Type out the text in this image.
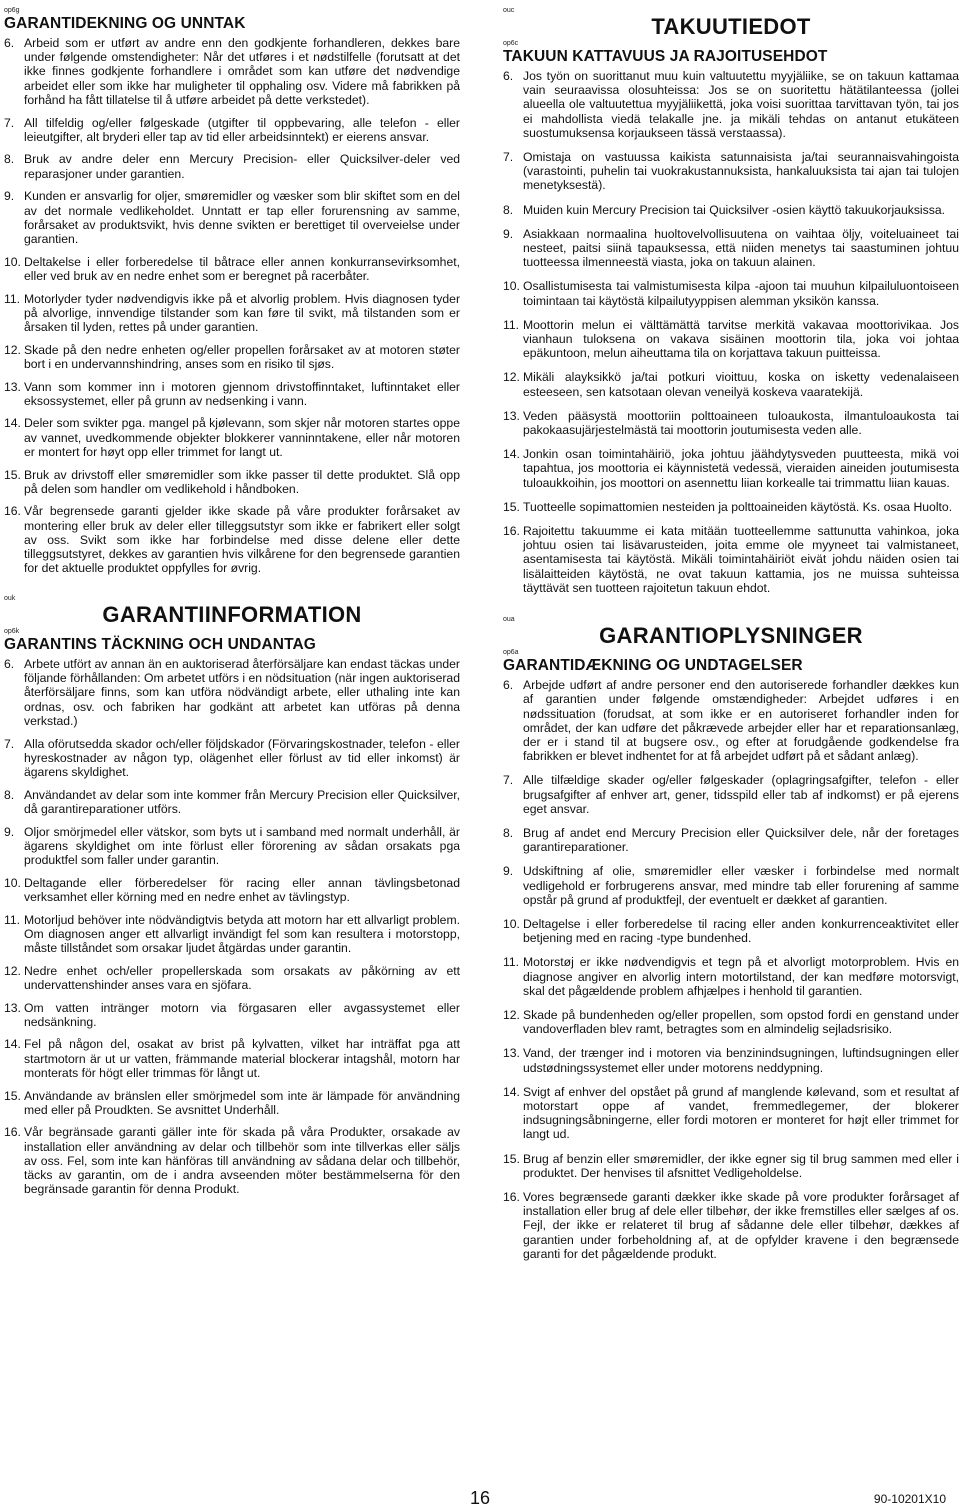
op6g
GARANTIDEKNING OG UNNTAK
6. Arbeid som er utført av andre enn den godkjente forhandleren, dekkes bare under følgende omstendigheter: Når det utføres i et nødstilfelle (forutsatt at det ikke finnes godkjente forhandlere i området som kan utføre det nødvendige arbeidet eller som ikke har muligheter til opphaling osv. Videre må fabrikken på forhånd ha fått tillatelse til å utføre arbeidet på dette verkstedet).
7. All tilfeldig og/eller følgeskade (utgifter til oppbevaring, alle telefon - eller leieutgifter, alt bryderi eller tap av tid eller arbeidsinntekt) er eierens ansvar.
8. Bruk av andre deler enn Mercury Precision- eller Quicksilver-deler ved reparasjoner under garantien.
9. Kunden er ansvarlig for oljer, smøremidler og væsker som blir skiftet som en del av det normale vedlikeholdet. Unntatt er tap eller forurensning av samme, forårsaket av produktsvikt, hvis denne svikten er berettiget til overveielse under garantien.
10. Deltakelse i eller forberedelse til båtrace eller annen konkurransevirksomhet, eller ved bruk av en nedre enhet som er beregnet på racerbåter.
11. Motorlyder tyder nødvendigvis ikke på et alvorlig problem. Hvis diagnosen tyder på alvorlige, innvendige tilstander som kan føre til svikt, må tilstanden som er årsaken til lyden, rettes på under garantien.
12. Skade på den nedre enheten og/eller propellen forårsaket av at motoren støter bort i en undervannshindring, anses som en risiko til sjøs.
13. Vann som kommer inn i motoren gjennom drivstoffinntaket, luftinntaket eller eksossystemet, eller på grunn av nedsenking i vann.
14. Deler som svikter pga. mangel på kjølevann, som skjer når motoren startes oppe av vannet, uvedkommende objekter blokkerer vanninntakene, eller når motoren er montert for høyt opp eller trimmet for langt ut.
15. Bruk av drivstoff eller smøremidler som ikke passer til dette produktet. Slå opp på delen som handler om vedlikehold i håndboken.
16. Vår begrensede garanti gjelder ikke skade på våre produkter forårsaket av montering eller bruk av deler eller tilleggsutstyr som ikke er fabrikert eller solgt av oss. Svikt som ikke har forbindelse med disse delene eller dette tilleggsutstyret, dekkes av garantien hvis vilkårene for den begrensede garantien for det aktuelle produktet oppfylles for øvrig.
ouk
GARANTIINFORMATION
op6k
GARANTINS TÄCKNING OCH UNDANTAG
6. Arbete utfört av annan än en auktoriserad återförsäljare kan endast täckas under följande förhållanden: Om arbetet utförs i en nödsituation (när ingen auktoriserad återförsäljare finns, som kan utföra nödvändigt arbete, eller uthaling inte kan ordnas, osv. och fabriken har godkänt att arbetet kan utföras på denna verkstad.)
7. Alla oförutsedda skador och/eller följdskador (Förvaringskostnader, telefon - eller hyreskostnader av någon typ, olägenhet eller förlust av tid eller inkomst) är ägarens skyldighet.
8. Användandet av delar som inte kommer från Mercury Precision eller Quicksilver, då garantireparationer utförs.
9. Oljor smörjmedel eller vätskor, som byts ut i samband med normalt underhåll, är ägarens skyldighet om inte förlust eller förorening av sådan orsakats pga produktfel som faller under garantin.
10. Deltagande eller förberedelser för racing eller annan tävlingsbetonad verksamhet eller körning med en nedre enhet av tävlingstyp.
11. Motorljud behöver inte nödvändigtvis betyda att motorn har ett allvarligt problem. Om diagnosen anger ett allvarligt invändigt fel som kan resultera i motorstopp, måste tillståndet som orsakar ljudet åtgärdas under garantin.
12. Nedre enhet och/eller propellerskada som orsakats av påkörning av ett undervattenshinder anses vara en sjöfara.
13. Om vatten intränger motorn via förgasaren eller avgassystemet eller nedsänkning.
14. Fel på någon del, osakat av brist på kylvatten, vilket har inträffat pga att startmotorn är ut ur vatten, främmande material blockerar intagshål, motorn har monterats för högt eller trimmas för långt ut.
15. Användande av bränslen eller smörjmedel som inte är lämpade för användning med eller på Proudkten. Se avsnittet Underhåll.
16. Vår begränsade garanti gäller inte för skada på våra Produkter, orsakade av installation eller användning av delar och tillbehör som inte tillverkas eller säljs av oss. Fel, som inte kan hänföras till användning av sådana delar och tillbehör, täcks av garantin, om de i andra avseenden möter bestämmelserna för den begränsade garantin för denna Produkt.
ouc
TAKUUTIEDOT
op6c
TAKUUN KATTAVUUS JA RAJOITUSEHDOT
6. Jos työn on suorittanut muu kuin valtuutettu myyjäliike, se on takuun kattamaa vain seuraavissa olosuhteissa: Jos se on suoritettu hätätilanteessa (jollei alueella ole valtuutettua myyjäliikettä, joka voisi suorittaa tarvittavan työn, tai jos ei mahdollista viedä telakalle jne. ja mikäli tehdas on antanut etukäteen suostumuksensa korjaukseen tässä verstaassa).
7. Omistaja on vastuussa kaikista satunnaisista ja/tai seurannaisvahingoista (varastointi, puhelin tai vuokrakustannuksista, hankaluuksista tai ajan tai tulojen menetyksestä).
8. Muiden kuin Mercury Precision tai Quicksilver -osien käyttö takuukorjauksissa.
9. Asiakkaan normaalina huoltovelvollisuutena on vaihtaa öljy, voiteluaineet tai nesteet, paitsi siinä tapauksessa, että niiden menetys tai saastuminen johtuu tuotteessa ilmenneestä viasta, joka on takuun alainen.
10. Osallistumisesta tai valmistumisesta kilpa -ajoon tai muuhun kilpailuluontoiseen toimintaan tai käytöstä kilpailutyyppisen alemman yksikön kanssa.
11. Moottorin melun ei välttämättä tarvitse merkitä vakavaa moottorivikaa. Jos vianhaun tuloksena on vakava sisäinen moottorin tila, joka voi johtaa epäkuntoon, melun aiheuttama tila on korjattava takuun puitteissa.
12. Mikäli alayksikkö ja/tai potkuri vioittuu, koska on isketty vedenalaiseen esteeseen, sen katsotaan olevan veneilyä koskevа vaaratekijä.
13. Veden pääsystä moottoriin polttoaineen tuloaukosta, ilmantuloaukosta tai pakokaasujärjestelmästä tai moottorin joutumisesta veden alle.
14. Jonkin osan toimintahäiriö, joka johtuu jäähdytysveden puutteesta, mikä voi tapahtua, jos moottoria ei käynnistetä vedessä, vieraiden aineiden joutumisesta tuloaukkoihin, jos moottori on asennettu liian korkealle tai trimmattu liian kauas.
15. Tuotteelle sopimattomien nesteiden ja polttoaineiden käytöstä. Ks. osaa Huolto.
16. Rajoitettu takuumme ei kata mitään tuotteellemme sattunutta vahinkoa, joka johtuu osien tai lisävarusteiden, joita emme ole myyneet tai valmistaneet, asentamisesta tai käytöstä. Mikäli toimintahäiriöt eivät johdu näiden osien tai lisälaitteiden käytöstä, ne ovat takuun kattamia, jos ne muissa suhteissa täyttävät sen tuotteen rajoitetun takuun ehdot.
oua
GARANTIOPLYSNINGER
op6a
GARANTIDÆKNING OG UNDTAGELSER
6. Arbejde udført af andre personer end den autoriserede forhandler dækkes kun af garantien under følgende omstændigheder: Arbejdet udføres i en nødssituation (forudsat, at som ikke er en autoriseret forhandler inden for området, der kan udføre det påkrævede arbejder eller har et reparationsanlæg, der er i stand til at bugsere osv., og efter at forudgående godkendelse fra fabrikken er blevet indhentet for at få arbejdet udført på et sådant anlæg).
7. Alle tilfældige skader og/eller følgeskader (oplagringsafgifter, telefon - eller brugsafgifter af enhver art, gener, tidsspild eller tab af indkomst) er på ejerens eget ansvar.
8. Brug af andet end Mercury Precision eller Quicksilver dele, når der foretages garantireparationer.
9. Udskiftning af olie, smøremidler eller væsker i forbindelse med normalt vedligehold er forbrugerens ansvar, med mindre tab eller forurening af samme opstår på grund af produktfejl, der eventuelt er dækket af garantien.
10. Deltagelse i eller forberedelse til racing eller anden konkurrenceaktivitet eller betjening med en racing -type bundenhed.
11. Motorstøj er ikke nødvendigvis et tegn på et alvorligt motorproblem. Hvis en diagnose angiver en alvorlig intern motortilstand, der kan medføre motorsvigt, skal det pågældende problem afhjælpes i henhold til garantien.
12. Skade på bundenheden og/eller propellen, som opstod fordi en genstand under vandoverfladen blev ramt, betragtes som en almindelig sejladsrisiko.
13. Vand, der trænger ind i motoren via benzinindsugningen, luftindsugningen eller udstødningssystemet eller under motorens neddypning.
14. Svigt af enhver del opstået på grund af manglende kølevand, som et resultat af motorstart oppe af vandet, fremmedlegemer, der blokerer indsugningsåbningerne, eller fordi motoren er monteret for højt eller trimmet for langt ud.
15. Brug af benzin eller smøremidler, der ikke egner sig til brug sammen med eller i produktet. Der henvises til afsnittet Vedligeholdelse.
16. Vores begrænsede garanti dækker ikke skade på vore produkter forårsaget af installation eller brug af dele eller tilbehør, der ikke fremstilles eller sælges af os. Fejl, der ikke er relateret til brug af sådanne dele eller tilbehør, dækkes af garantien under forbeholdning af, at de opfylder kravene i den begrænsede garanti for det pågældende produkt.
16	90-10201X10
